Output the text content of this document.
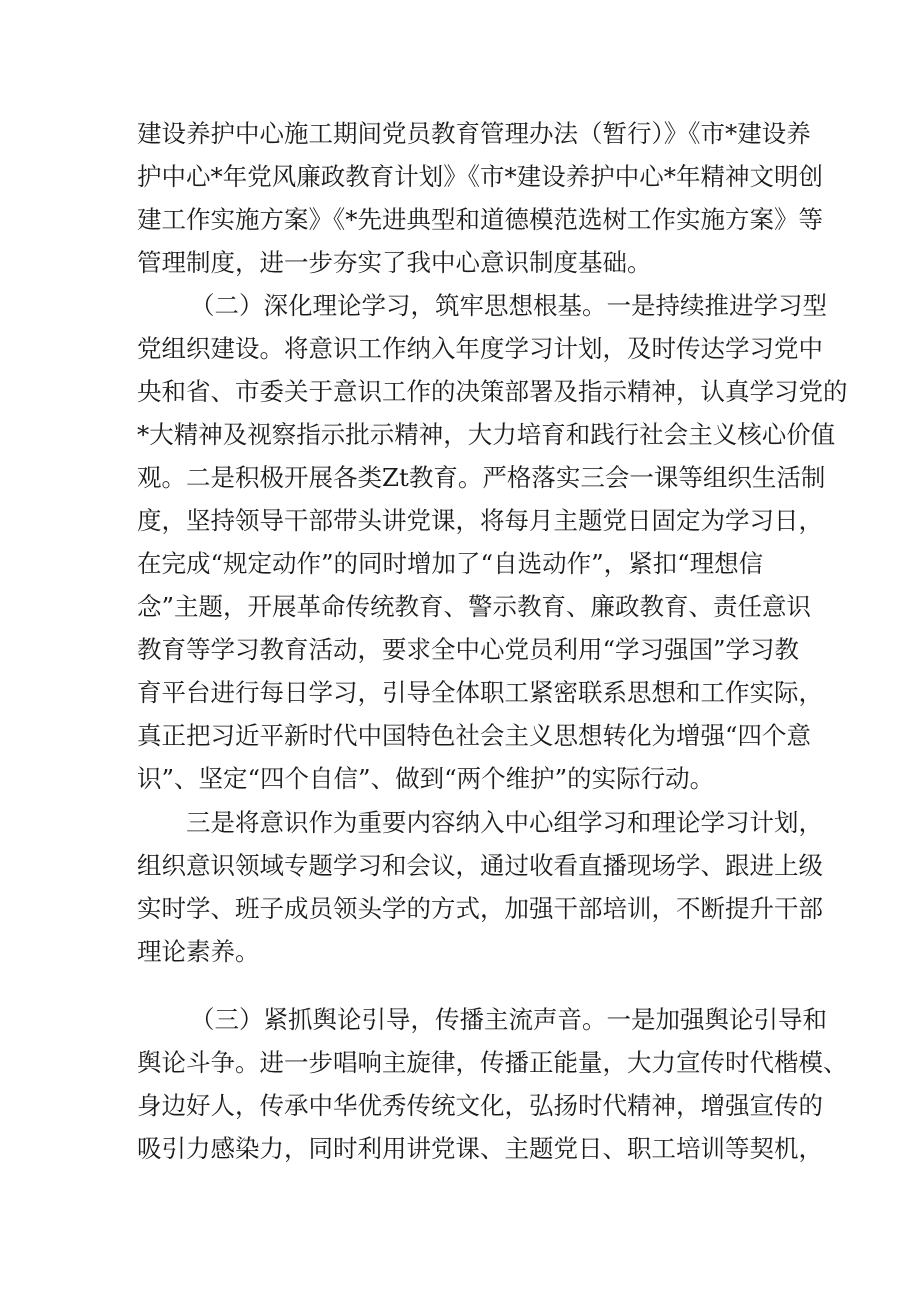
建设养护中心施工期间党员教育管理办法（暂行）》《市*建设养

护中心*年党风廉政教育计划》《市*建设养护中心*年精神文明创

建工作实施方案》《*先进典型和道德模范选树工作实施方案》等

管理制度，进一步夯实了我中心意识制度基础。

（二）深化理论学习，筑牢思想根基。一是持续推进学习型

党组织建设。将意识工作纳入年度学习计划，及时传达学习党中

央和省、市委关于意识工作的决策部署及指示精神，认真学习党的

*大精神及视察指示批示精神，大力培育和践行社会主义核心价值

观。二是积极开展各类Zt教育。严格落实三会一课等组织生活制

度，坚持领导干部带头讲党课，将每月主题党日固定为学习日，

在完成“规定动作”的同时增加了“自选动作”，紧扣“理想信

念”主题，开展革命传统教育、警示教育、廉政教育、责任意识

教育等学习教育活动，要求全中心党员利用“学习强国”学习教

育平台进行每日学习，引导全体职工紧密联系思想和工作实际，

真正把习近平新时代中国特色社会主义思想转化为增强“四个意

识”、坚定“四个自信”、做到“两个维护”的实际行动。

三是将意识作为重要内容纳入中心组学习和理论学习计划，

组织意识领域专题学习和会议，通过收看直播现场学、跟进上级

实时学、班子成员领头学的方式，加强干部培训，不断提升干部

理论素养。

（三）紧抓舆论引导，传播主流声音。一是加强舆论引导和

舆论斗争。进一步唱响主旋律，传播正能量，大力宣传时代楷模、

身边好人，传承中华优秀传统文化，弘扬时代精神，增强宣传的

吸引力感染力，同时利用讲党课、主题党日、职工培训等契机，
